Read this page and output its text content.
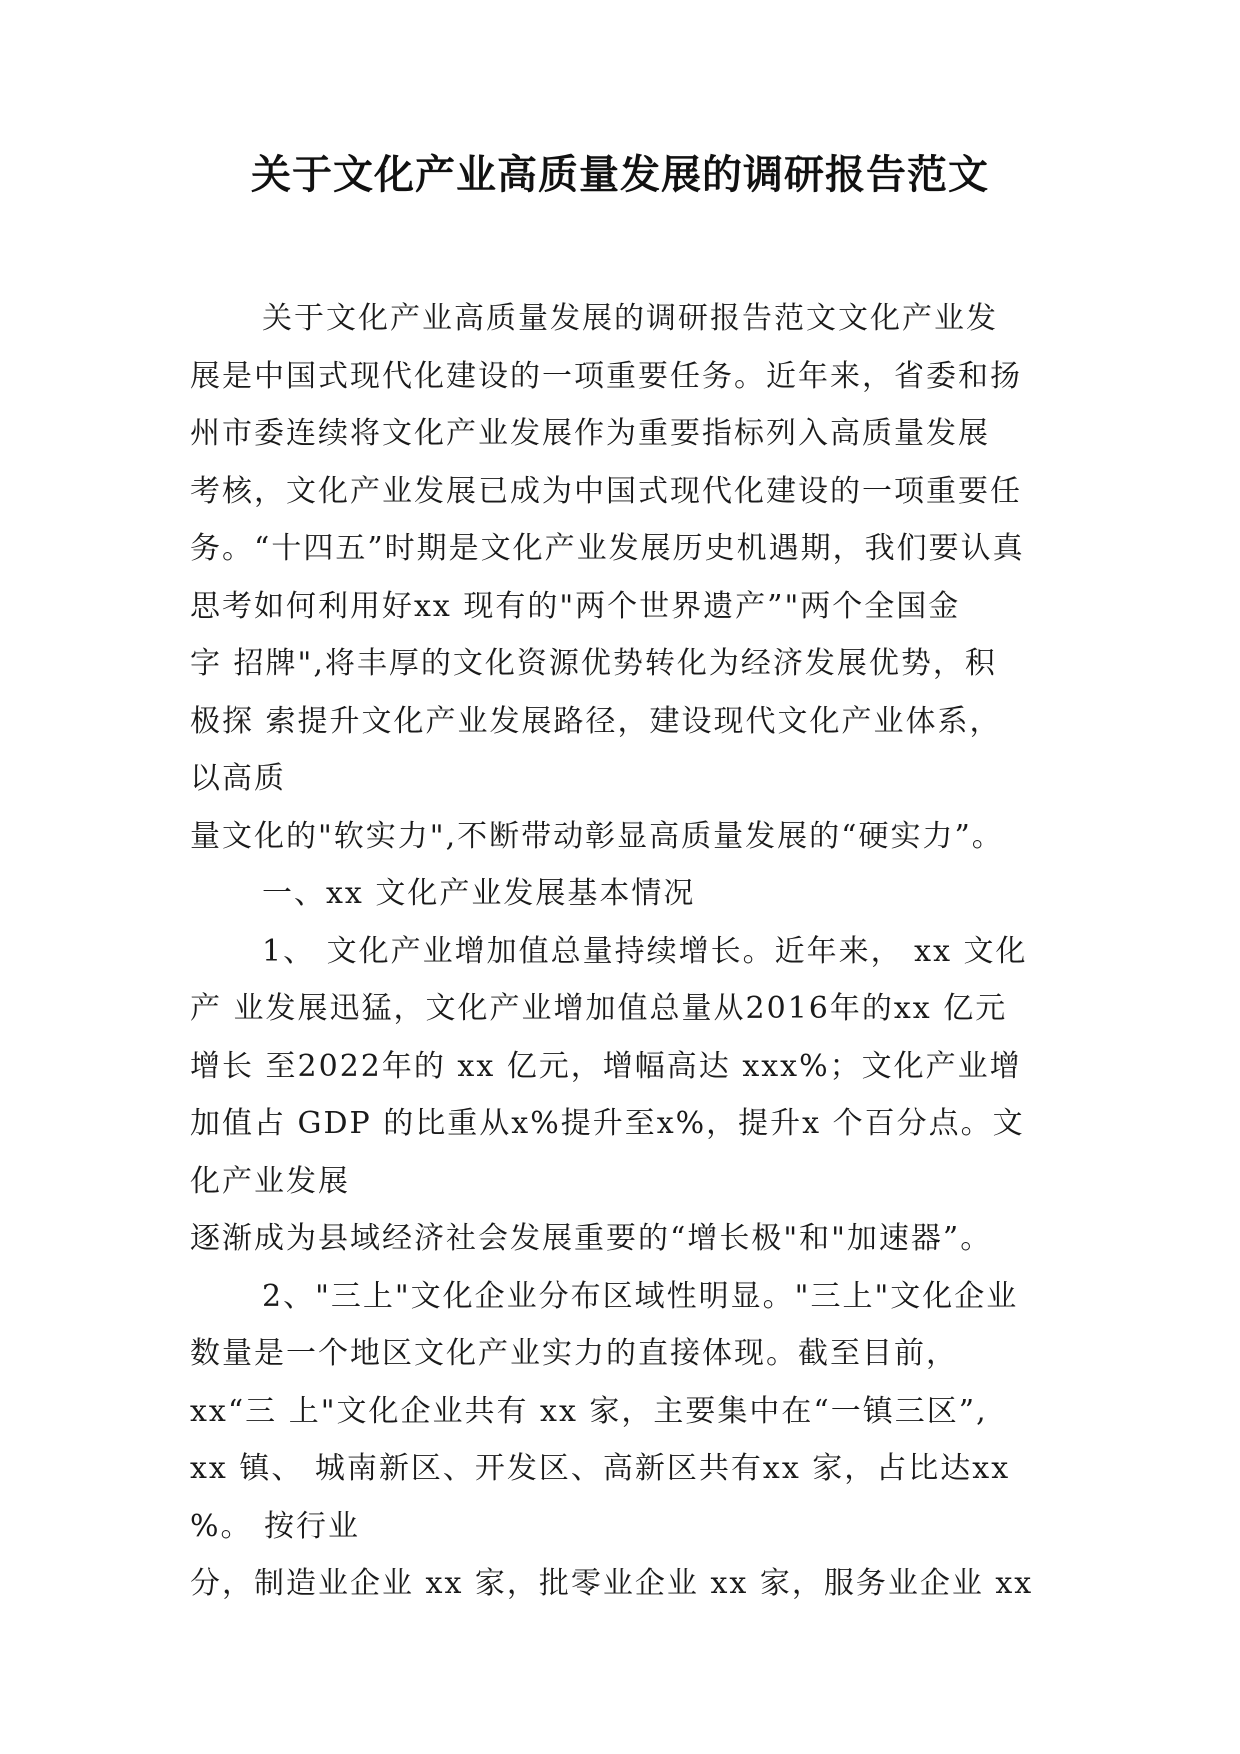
关于文化产业高质量发展的调研报告范文
关于文化产业高质量发展的调研报告范文文化产业发
展是中国式现代化建设的一项重要任务。近年来，省委和扬
州市委连续将文化产业发展作为重要指标列入高质量发展
考核，文化产业发展已成为中国式现代化建设的一项重要任
务。“十四五”时期是文化产业发展历史机遇期，我们要认真
思考如何利用好xx 现有的"两个世界遗产”"两个全国金
字 招牌",将丰厚的文化资源优势转化为经济发展优势，积
极探 索提升文化产业发展路径，建设现代文化产业体系，
以高质
量文化的"软实力",不断带动彰显高质量发展的“硬实力”。
一、xx 文化产业发展基本情况
1、 文化产业增加值总量持续增长。近年来， xx 文化
产 业发展迅猛，文化产业增加值总量从2016年的xx 亿元
增长 至2022年的 xx 亿元，增幅高达 xxx%；文化产业增
加值占 GDP 的比重从x%提升至x%，提升x 个百分点。文
化产业发展
逐渐成为县域经济社会发展重要的“增长极"和"加速器”。
2、"三上"文化企业分布区域性明显。"三上"文化企业
数量是一个地区文化产业实力的直接体现。截至目前，
xx“三 上"文化企业共有 xx 家，主要集中在“一镇三区”,
xx 镇、 城南新区、开发区、高新区共有xx 家，占比达xx
%。 按行业
分，制造业企业 xx 家，批零业企业 xx 家，服务业企业 xx
